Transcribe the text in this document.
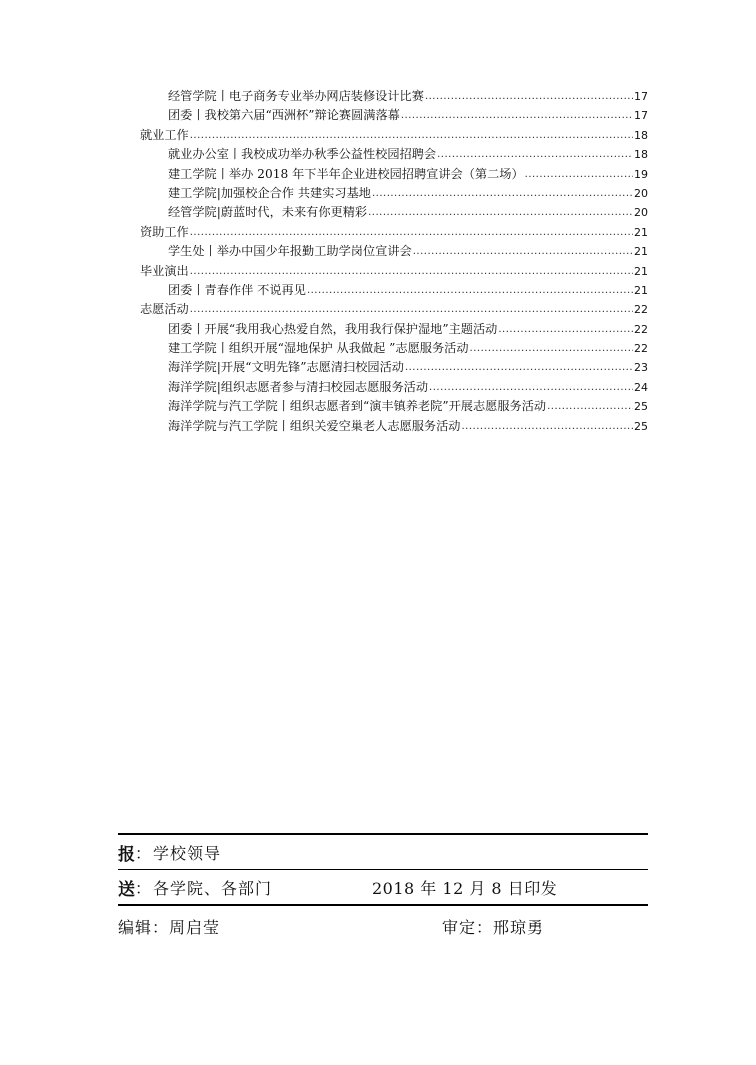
经管学院丨电子商务专业举办网店装修设计比赛 .....	17
团委丨我校第六届“西洲杯”辩论赛圆满落幕 .....	17
就业工作 .....	18
就业办公室丨我校成功举办秋季公益性校园招聘会 .....	18
建工学院丨举办 2018 年下半年企业进校园招聘宣讲会（第二场） .....	19
建工学院|加强校企合作 共建实习基地 .....	20
经管学院|蔚蓝时代，未来有你更精彩 .....	20
资助工作 .....	21
学生处丨举办中国少年报勤工助学岗位宣讲会 .....	21
毕业演出 .....	21
团委丨青春作伴 不说再见 .....	21
志愿活动 .....	22
团委丨开展“我用我心热爱自然，我用我行保护湿地”主题活动 .....	22
建工学院丨组织开展“湿地保护 从我做起 ”志愿服务活动 .....	22
海洋学院|开展“文明先锋”志愿清扫校园活动 .....	23
海洋学院|组织志愿者参与清扫校园志愿服务活动 .....	24
海洋学院与汽工学院丨组织志愿者到“演丰镇养老院”开展志愿服务活动 .....	25
海洋学院与汽工学院丨组织关爱空巢老人志愿服务活动 .....	25
报 ： 学校领导
送 ： 各学院、各部门	2018 年 12 月 8 日印发
编辑：周启莹	审定：邢琼勇
